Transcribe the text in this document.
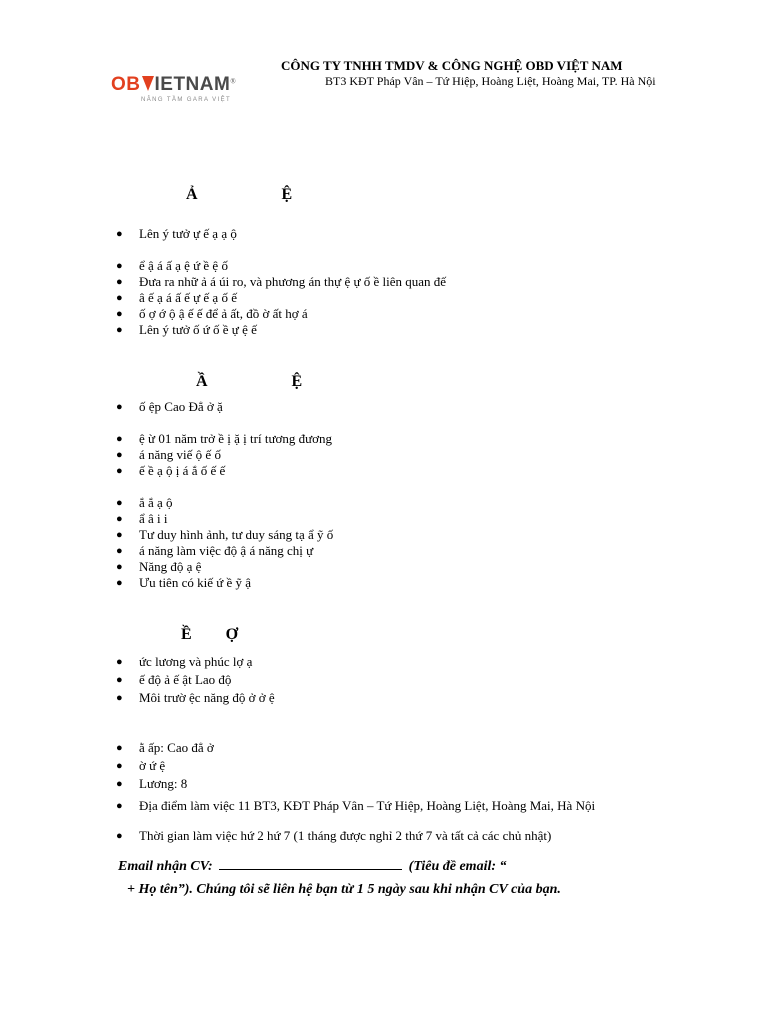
OB IETNAM®
NÂNG TẦM GARA VIỆT
CÔNG TY TNHH TMDV & CÔNG NGHỆ OBD VIỆT NAM
BT3 KĐT Pháp Vân – Tứ Hiệp, Hoàng Liệt, Hoàng Mai, TP. Hà Nội
Ả Ệ
● Lên ý tưở ự ế ạ ạ ộ
● ể ậ á ấ ạ ệ ứ ề ệ ố
● Đưa ra nhữ ả á úi ro, và phương án thự ệ ự ố ề liên quan đế
● â ế ạ á ấ ế ự ế ạ ố ế
● ố ợ ớ ộ ậ ế ế để ả ất, đồ ờ ất hợ á
● Lên ý tưở ố ứ ố ề ự ệ ế
Ầ Ệ
● ố ệp Cao Đẳ ở ặ
● ệ ừ 01 năm trở ề ị ặ ị trí tương đương
● á năng viế ộ ế ố
● ế ề ạ ộ ị á ắ ố ế ế
● ắ ắ ạ ộ
● ẩ â i i
● Tư duy hình ảnh, tư duy sáng tạ ẩ ỹ ố
● á năng làm việc độ ậ á năng chị ự
● Năng độ ạ ệ
● Ưu tiên có kiế ứ ề ỹ ậ
Ề Ợ
● ức lương và phúc lợ ạ
● ế độ ả ế ật Lao độ
● Môi trườ ệc năng độ ở ở ệ
● ằ ấp: Cao đẳ ở
● ờ ứ ệ
● Lương: 8
● Địa điểm làm việc 11 BT3, KĐT Pháp Vân – Tứ Hiệp, Hoàng Liệt, Hoàng Mai, Hà Nội
● Thời gian làm việc hứ 2 hứ 7 (1 tháng được nghỉ 2 thứ 7 và tất cả các chủ nhật)
Email nhận CV:	(Tiêu đề email: “
+ Họ tên”). Chúng tôi sẽ liên hệ bạn từ 1 5 ngày sau khi nhận CV của bạn.
